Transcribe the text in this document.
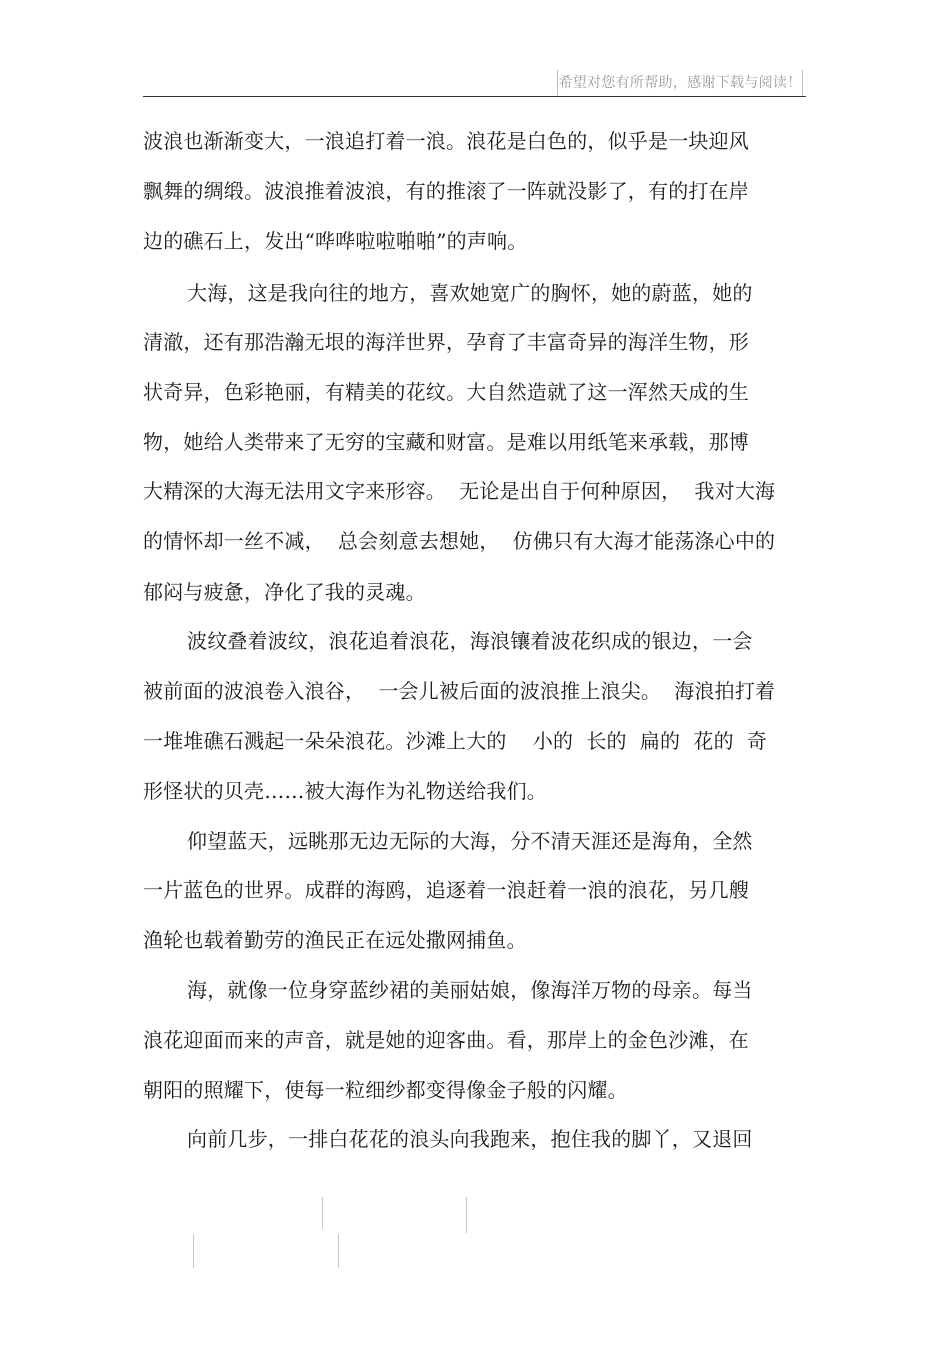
希望对您有所帮助，感谢下载与阅读！
波浪也渐渐变大，一浪追打着一浪。浪花是白色的，似乎是一块迎风
飘舞的绸缎。波浪推着波浪，有的推滚了一阵就没影了，有的打在岸
边的礁石上，发出“哗哗啦啦啪啪”的声响。
大海，这是我向往的地方，喜欢她宽广的胸怀，她的蔚蓝，她的
清澈，还有那浩瀚无垠的海洋世界，孕育了丰富奇异的海洋生物，形
状奇异，色彩艳丽，有精美的花纹。大自然造就了这一浑然天成的生
物，她给人类带来了无穷的宝藏和财富。是难以用纸笔来承载，那博
大精深的大海无法用文字来形容。  无论是出自于何种原因，  我对大海
的情怀却一丝不减，  总会刻意去想她，  仿佛只有大海才能荡涤心中的
郁闷与疲惫，净化了我的灵魂。
波纹叠着波纹，浪花追着浪花，海浪镶着波花织成的银边，一会
被前面的波浪卷入浪谷，  一会儿被后面的波浪推上浪尖。  海浪拍打着
一堆堆礁石溅起一朵朵浪花。沙滩上大的    小的  长的  扁的  花的  奇
形怪状的贝壳……被大海作为礼物送给我们。
仰望蓝天，远眺那无边无际的大海，分不清天涯还是海角，全然
一片蓝色的世界。成群的海鸥，追逐着一浪赶着一浪的浪花，另几艘
渔轮也载着勤劳的渔民正在远处撒网捕鱼。
海，就像一位身穿蓝纱裙的美丽姑娘，像海洋万物的母亲。每当
浪花迎面而来的声音，就是她的迎客曲。看，那岸上的金色沙滩，在
朝阳的照耀下，使每一粒细纱都变得像金子般的闪耀。
向前几步，一排白花花的浪头向我跑来，抱住我的脚丫，又退回
